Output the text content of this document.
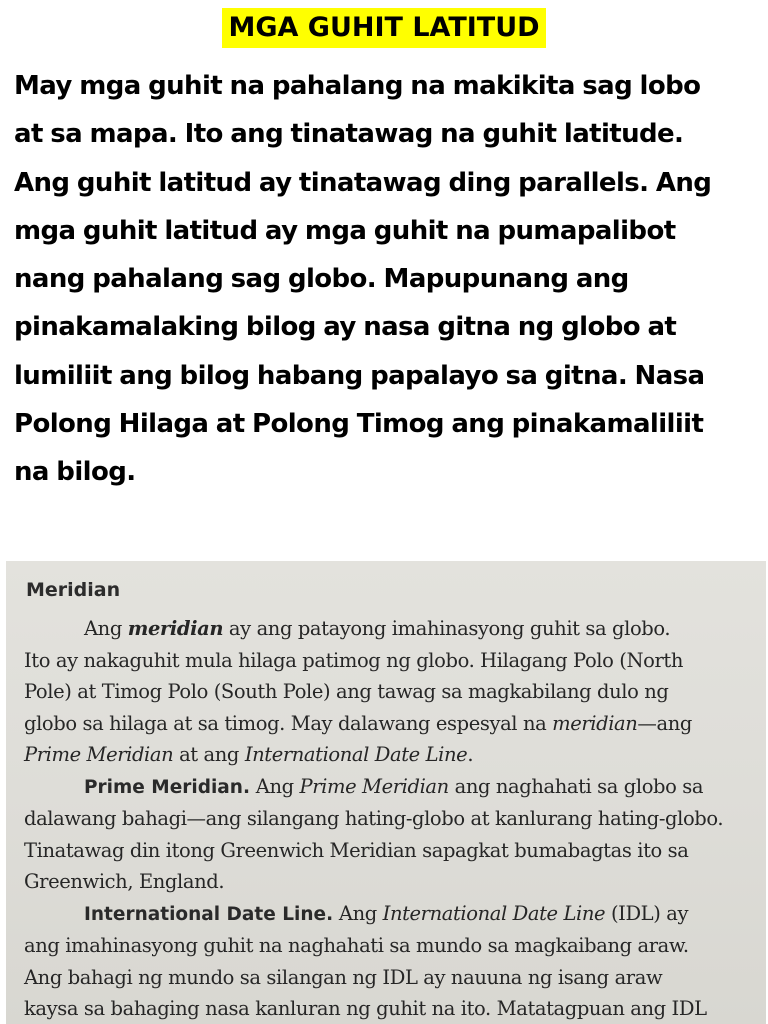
MGA GUHIT LATITUD
May mga guhit na pahalang na makikita sag lobo
at sa mapa. Ito ang tinatawag na guhit latitude.
Ang guhit latitud ay tinatawag ding parallels. Ang
mga guhit latitud ay mga guhit na pumapalibot
nang pahalang sag globo. Mapupunang ang
pinakamalaking bilog ay nasa gitna ng globo at
lumiliit ang bilog habang papalayo sa gitna. Nasa
Polong Hilaga at Polong Timog ang pinakamaliliit
na bilog.
Meridian
Ang meridian ay ang patayong imahinasyong guhit sa globo.
Ito ay nakaguhit mula hilaga patimog ng globo. Hilagang Polo (North
Pole) at Timog Polo (South Pole) ang tawag sa magkabilang dulo ng
globo sa hilaga at sa timog. May dalawang espesyal na meridian—ang
Prime Meridian at ang International Date Line.
Prime Meridian. Ang Prime Meridian ang naghahati sa globo sa
dalawang bahagi—ang silangang hating-globo at kanlurang hating-globo.
Tinatawag din itong Greenwich Meridian sapagkat bumabagtas ito sa
Greenwich, England.
International Date Line. Ang International Date Line (IDL) ay
ang imahinasyong guhit na naghahati sa mundo sa magkaibang araw.
Ang bahagi ng mundo sa silangan ng IDL ay nauuna ng isang araw
kaysa sa bahaging nasa kanluran ng guhit na ito. Matatagpuan ang IDL
